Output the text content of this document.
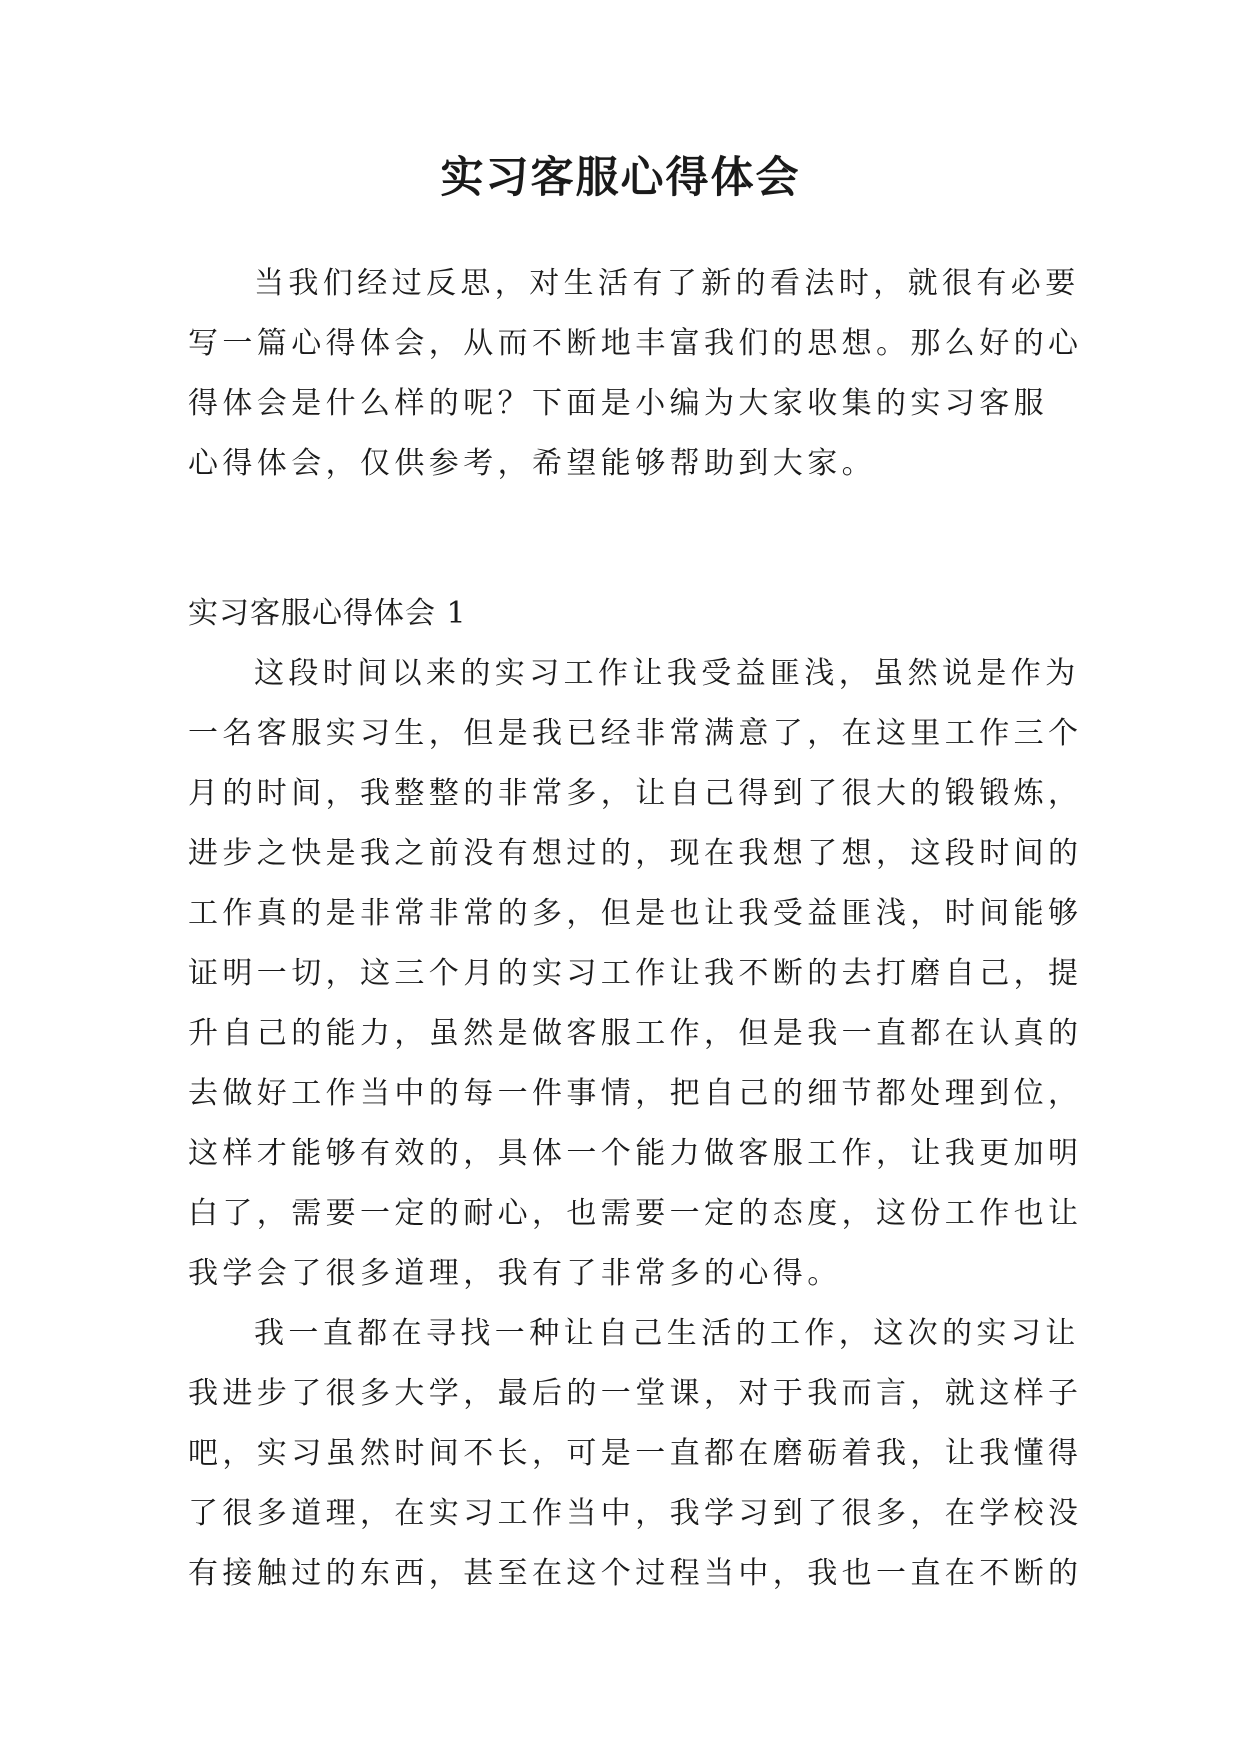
实习客服心得体会
当我们经过反思，对生活有了新的看法时，就很有必要
写一篇心得体会，从而不断地丰富我们的思想。那么好的心
得体会是什么样的呢？下面是小编为大家收集的实习客服
心得体会，仅供参考，希望能够帮助到大家。
实习客服心得体会 1
这段时间以来的实习工作让我受益匪浅，虽然说是作为
一名客服实习生，但是我已经非常满意了，在这里工作三个
月的时间，我整整的非常多，让自己得到了很大的锻锻炼，
进步之快是我之前没有想过的，现在我想了想，这段时间的
工作真的是非常非常的多，但是也让我受益匪浅，时间能够
证明一切，这三个月的实习工作让我不断的去打磨自己，提
升自己的能力，虽然是做客服工作，但是我一直都在认真的
去做好工作当中的每一件事情，把自己的细节都处理到位，
这样才能够有效的，具体一个能力做客服工作，让我更加明
白了，需要一定的耐心，也需要一定的态度，这份工作也让
我学会了很多道理，我有了非常多的心得。
我一直都在寻找一种让自己生活的工作，这次的实习让
我进步了很多大学，最后的一堂课，对于我而言，就这样子
吧，实习虽然时间不长，可是一直都在磨砺着我，让我懂得
了很多道理，在实习工作当中，我学习到了很多，在学校没
有接触过的东西，甚至在这个过程当中，我也一直在不断的
